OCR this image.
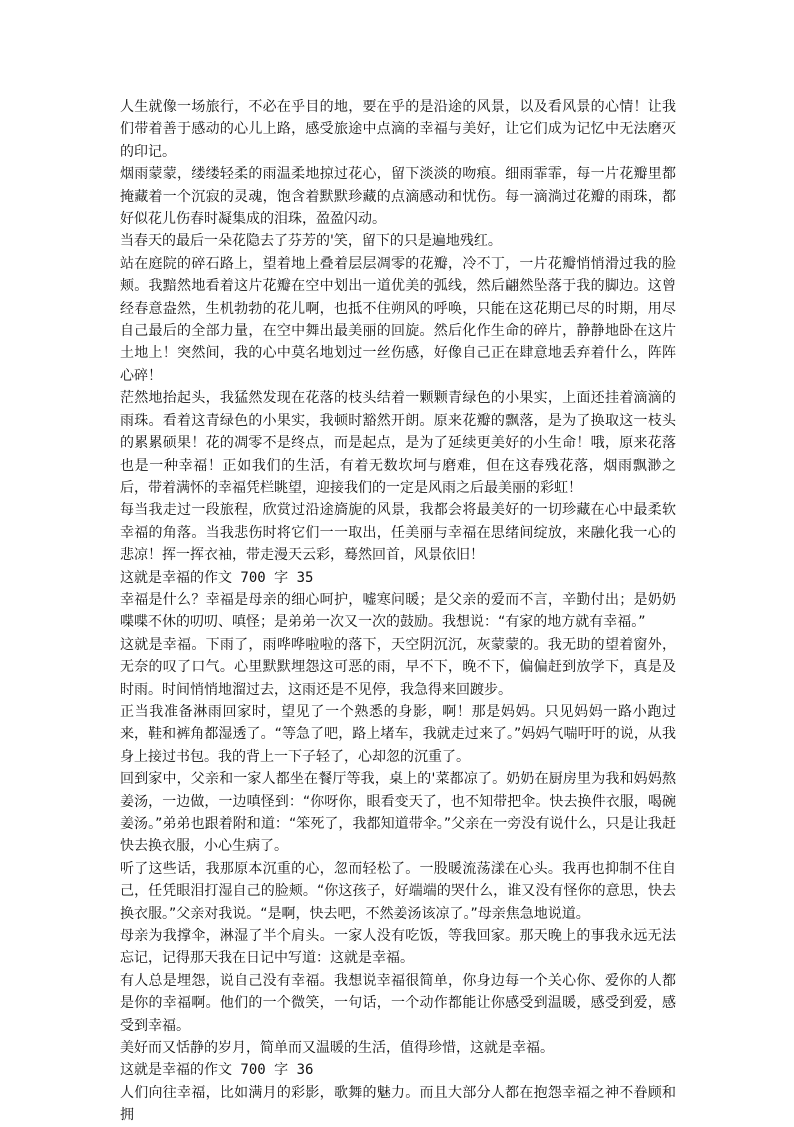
人生就像一场旅行，不必在乎目的地，要在乎的是沿途的风景，以及看风景的心情！让我们带着善于感动的心儿上路，感受旅途中点滴的幸福与美好，让它们成为记忆中无法磨灭的印记。

烟雨蒙蒙，缕缕轻柔的雨温柔地掠过花心，留下淡淡的吻痕。细雨霏霏，每一片花瓣里都掩藏着一个沉寂的灵魂，饱含着默默珍藏的点滴感动和忧伤。每一滴淌过花瓣的雨珠，都好似花儿伤春时凝集成的泪珠，盈盈闪动。

当春天的最后一朵花隐去了芬芳的'笑，留下的只是遍地残红。

站在庭院的碎石路上，望着地上叠着层层凋零的花瓣，冷不丁，一片花瓣悄悄滑过我的脸颊。我黯然地看着这片花瓣在空中划出一道优美的弧线，然后翩然坠落于我的脚边。这曾经春意盎然，生机勃勃的花儿啊，也抵不住朔风的呼唤，只能在这花期已尽的时期，用尽自己最后的全部力量，在空中舞出最美丽的回旋。然后化作生命的碎片，静静地卧在这片土地上！突然间，我的心中莫名地划过一丝伤感，好像自己正在肆意地丢弃着什么，阵阵心碎！

茫然地抬起头，我猛然发现在花落的枝头结着一颗颗青绿色的小果实，上面还挂着滴滴的雨珠。看着这青绿色的小果实，我顿时豁然开朗。原来花瓣的飘落，是为了换取这一枝头的累累硕果！花的凋零不是终点，而是起点，是为了延续更美好的小生命！哦，原来花落也是一种幸福！正如我们的生活，有着无数坎坷与磨难，但在这春残花落，烟雨飘渺之后，带着满怀的幸福凭栏眺望，迎接我们的一定是风雨之后最美丽的彩虹！

每当我走过一段旅程，欣赏过沿途旖旎的风景，我都会将最美好的一切珍藏在心中最柔软幸福的角落。当我悲伤时将它们一一取出，任美丽与幸福在思绪间绽放，来融化我一心的悲凉！挥一挥衣袖，带走漫天云彩，蓦然回首，风景依旧！

这就是幸福的作文 700 字 35

幸福是什么？幸福是母亲的细心呵护，嘘寒问暖；是父亲的爱而不言，辛勤付出；是奶奶喋喋不休的叨叨、嗔怪；是弟弟一次又一次的鼓励。我想说：“有家的地方就有幸福。”

这就是幸福。下雨了，雨哗哗啦啦的落下，天空阴沉沉，灰蒙蒙的。我无助的望着窗外，无奈的叹了口气。心里默默埋怨这可恶的雨，早不下，晚不下，偏偏赶到放学下，真是及时雨。时间悄悄地溜过去，这雨还是不见停，我急得来回踱步。

正当我准备淋雨回家时，望见了一个熟悉的身影，啊！那是妈妈。只见妈妈一路小跑过来，鞋和裤角都湿透了。“等急了吧，路上堵车，我就走过来了。”妈妈气喘吁吁的说，从我身上接过书包。我的背上一下子轻了，心却忽的沉重了。

回到家中，父亲和一家人都坐在餐厅等我，桌上的'菜都凉了。奶奶在厨房里为我和妈妈熬姜汤，一边做，一边嗔怪到：“你呀你，眼看变天了，也不知带把伞。快去换件衣服，喝碗姜汤。”弟弟也跟着附和道：“笨死了，我都知道带伞。”父亲在一旁没有说什么，只是让我赶快去换衣服，小心生病了。

听了这些话，我那原本沉重的心，忽而轻松了。一股暖流荡漾在心头。我再也抑制不住自己，任凭眼泪打湿自己的脸颊。“你这孩子，好端端的哭什么，谁又没有怪你的意思，快去换衣服。”父亲对我说。“是啊，快去吧，不然姜汤该凉了。”母亲焦急地说道。

母亲为我撑伞，淋湿了半个肩头。一家人没有吃饭，等我回家。那天晚上的事我永远无法忘记，记得那天我在日记中写道：这就是幸福。

有人总是埋怨，说自己没有幸福。我想说幸福很简单，你身边每一个关心你、爱你的人都是你的幸福啊。他们的一个微笑，一句话，一个动作都能让你感受到温暖，感受到爱，感受到幸福。

美好而又恬静的岁月，简单而又温暖的生活，值得珍惜，这就是幸福。

这就是幸福的作文 700 字 36

人们向往幸福，比如满月的彩影，歌舞的魅力。而且大部分人都在抱怨幸福之神不眷顾和拥
